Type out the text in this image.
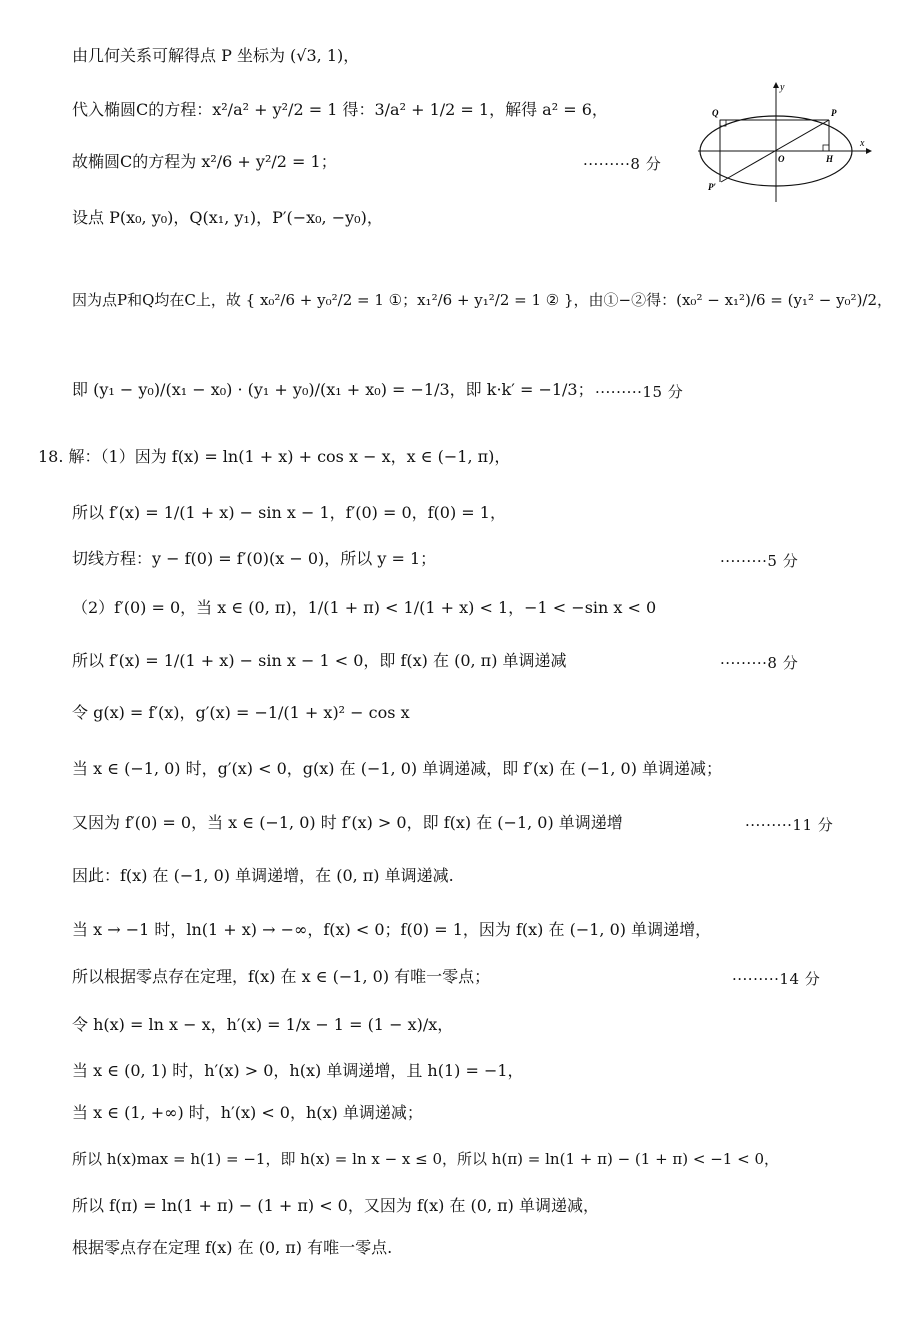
y
x
O
Q	P
H
P′
由几何关系可解得点 P 坐标为 (√3, 1)，
代入椭圆C的方程：x²/a² + y²/2 = 1 得：3/a² + 1/2 = 1，解得 a² = 6，
故椭圆C的方程为 x²/6 + y²/2 = 1；	·········8 分
设点 P(x₀, y₀)，Q(x₁, y₁)，P′(−x₀, −y₀)，
因为点P和Q均在C上，故 { x₀²/6 + y₀²/2 = 1 ①；x₁²/6 + y₁²/2 = 1 ② }，由①−②得：(x₀² − x₁²)/6 = (y₁² − y₀²)/2，
即 (y₁ − y₀)/(x₁ − x₀) · (y₁ + y₀)/(x₁ + x₀) = −1/3，即 k·k′ = −1/3； ·········15 分
18. 解：（1）因为 f(x) = ln(1 + x) + cos x − x，x ∈ (−1, π)，
所以 f′(x) = 1/(1 + x) − sin x − 1，f′(0) = 0，f(0) = 1，
切线方程：y − f(0) = f′(0)(x − 0)，所以 y = 1；	·········5 分
（2）f′(0) = 0，当 x ∈ (0, π)，1/(1 + π) < 1/(1 + x) < 1，−1 < −sin x < 0
所以 f′(x) = 1/(1 + x) − sin x − 1 < 0，即 f(x) 在 (0, π) 单调递减	·········8 分
令 g(x) = f′(x)，g′(x) = −1/(1 + x)² − cos x
当 x ∈ (−1, 0) 时，g′(x) < 0，g(x) 在 (−1, 0) 单调递减，即 f′(x) 在 (−1, 0) 单调递减；
又因为 f′(0) = 0，当 x ∈ (−1, 0) 时 f′(x) > 0，即 f(x) 在 (−1, 0) 单调递增	·········11 分
因此：f(x) 在 (−1, 0) 单调递增，在 (0, π) 单调递减.
当 x → −1 时，ln(1 + x) → −∞，f(x) < 0；f(0) = 1，因为 f(x) 在 (−1, 0) 单调递增，
所以根据零点存在定理，f(x) 在 x ∈ (−1, 0) 有唯一零点；	·········14 分
令 h(x) = ln x − x，h′(x) = 1/x − 1 = (1 − x)/x，
当 x ∈ (0, 1) 时，h′(x) > 0，h(x) 单调递增，且 h(1) = −1，
当 x ∈ (1, +∞) 时，h′(x) < 0，h(x) 单调递减；
所以 h(x)max = h(1) = −1，即 h(x) = ln x − x ≤ 0，所以 h(π) = ln(1 + π) − (1 + π) < −1 < 0，
所以 f(π) = ln(1 + π) − (1 + π) < 0，又因为 f(x) 在 (0, π) 单调递减，
根据零点存在定理 f(x) 在 (0, π) 有唯一零点.
